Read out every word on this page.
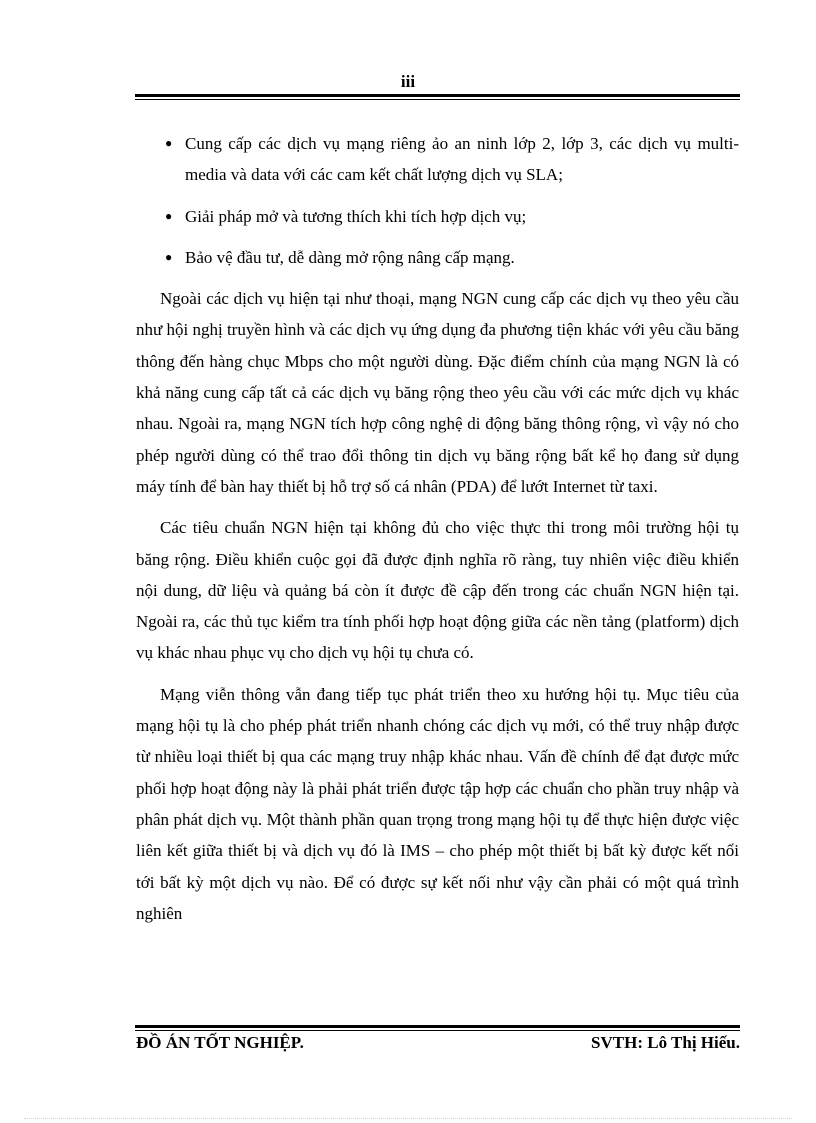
iii
● Cung cấp các dịch vụ mạng riêng ảo an ninh lớp 2, lớp 3, các dịch vụ multi- media và data với các cam kết chất lượng dịch vụ SLA;
● Giải pháp mở và tương thích khi tích hợp dịch vụ;
● Bảo vệ đầu tư, dễ dàng mở rộng nâng cấp mạng.

Ngoài các dịch vụ hiện tại như thoại, mạng NGN cung cấp các dịch vụ theo yêu cầu như hội nghị truyền hình và các dịch vụ ứng dụng đa phương tiện khác với yêu cầu băng thông đến hàng chục Mbps cho một người dùng. Đặc điểm chính của mạng NGN là có khả năng cung cấp tất cả các dịch vụ băng rộng theo yêu cầu với các mức dịch vụ khác nhau. Ngoài ra, mạng NGN tích hợp công nghệ di động băng thông rộng, vì vậy nó cho phép người dùng có thể trao đổi thông tin dịch vụ băng rộng bất kể họ đang sử dụng máy tính để bàn hay thiết bị hỗ trợ số cá nhân (PDA) để lướt Internet từ taxi.

Các tiêu chuẩn NGN hiện tại không đủ cho việc thực thi trong môi trường hội tụ băng rộng. Điều khiển cuộc gọi đã được định nghĩa rõ ràng, tuy nhiên việc điều khiển nội dung, dữ liệu và quảng bá còn ít được đề cập đến trong các chuẩn NGN hiện tại. Ngoài ra, các thủ tục kiểm tra tính phối hợp hoạt động giữa các nền tảng (platform) dịch vụ khác nhau phục vụ cho dịch vụ hội tụ chưa có.

Mạng viễn thông vẫn đang tiếp tục phát triển theo xu hướng hội tụ. Mục tiêu của mạng hội tụ là cho phép phát triển nhanh chóng các dịch vụ mới, có thể truy nhập được từ nhiều loại thiết bị qua các mạng truy nhập khác nhau. Vấn đề chính để đạt được mức phối hợp hoạt động này là phải phát triển được tập hợp các chuẩn cho phần truy nhập và phân phát dịch vụ. Một thành phần quan trọng trong mạng hội tụ để thực hiện được việc liên kết giữa thiết bị và dịch vụ đó là IMS – cho phép một thiết bị bất kỳ được kết nối tới bất kỳ một dịch vụ nào. Để có được sự kết nối như vậy cần phải có một quá trình nghiên

ĐỒ ÁN TỐT NGHIỆP.	SVTH: Lô Thị Hiếu.
